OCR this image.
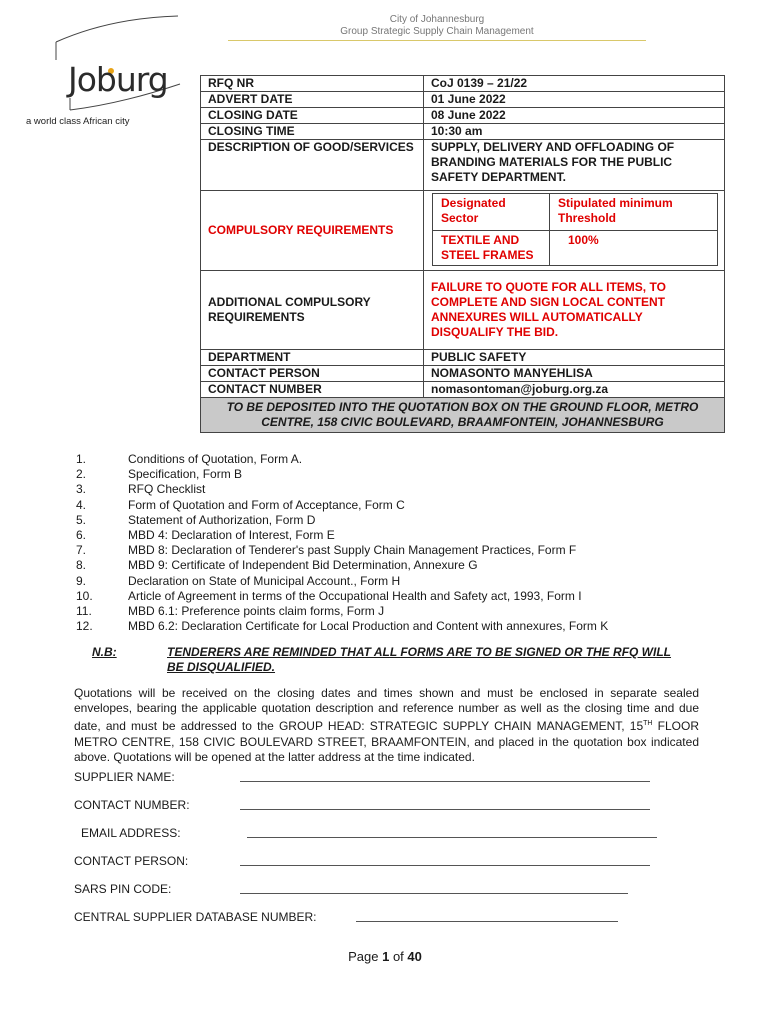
City of Johannesburg
Group Strategic Supply Chain Management
Joburg
a world class African city
RFQ NR	CoJ 0139 – 21/22
ADVERT DATE	01 June 2022
CLOSING DATE	08 June 2022
CLOSING TIME	10:30 am
DESCRIPTION OF GOOD/SERVICES	SUPPLY, DELIVERY AND OFFLOADING OF BRANDING MATERIALS FOR THE PUBLIC SAFETY DEPARTMENT.
COMPULSORY REQUIREMENTS	
Designated Sector	Stipulated minimum Threshold
TEXTILE AND STEEL FRAMES	100%

ADDITIONAL COMPULSORY REQUIREMENTS	FAILURE TO QUOTE FOR ALL ITEMS, TO COMPLETE AND SIGN LOCAL CONTENT ANNEXURES WILL AUTOMATICALLY DISQUALIFY THE BID.
DEPARTMENT	PUBLIC SAFETY
CONTACT PERSON	NOMASONTO MANYEHLISA
CONTACT NUMBER	nomasontoman@joburg.org.za
TO BE DEPOSITED INTO THE QUOTATION BOX ON THE GROUND FLOOR, METRO CENTRE, 158 CIVIC BOULEVARD, BRAAMFONTEIN, JOHANNESBURG
1.	Conditions of Quotation, Form A.
2.	Specification, Form B
3.	RFQ Checklist
4.	Form of Quotation and Form of Acceptance, Form C
5.	Statement of Authorization, Form D
6.	MBD 4: Declaration of Interest, Form E
7.	MBD 8: Declaration of Tenderer's past Supply Chain Management Practices, Form F
8.	MBD 9: Certificate of Independent Bid Determination, Annexure G
9.	Declaration on State of Municipal Account., Form H
10.	Article of Agreement in terms of the Occupational Health and Safety act, 1993, Form I
11.	MBD 6.1: Preference points claim forms, Form J
12.	MBD 6.2: Declaration Certificate for Local Production and Content with annexures, Form K
N.B:	TENDERERS ARE REMINDED THAT ALL FORMS ARE TO BE SIGNED OR THE RFQ WILL BE DISQUALIFIED.
Quotations will be received on the closing dates and times shown and must be enclosed in separate sealed envelopes, bearing the applicable quotation description and reference number as well as the closing time and due date, and must be addressed to the GROUP HEAD: STRATEGIC SUPPLY CHAIN MANAGEMENT, 15TH FLOOR METRO CENTRE, 158 CIVIC BOULEVARD STREET, BRAAMFONTEIN, and placed in the quotation box indicated above. Quotations will be opened at the latter address at the time indicated.
SUPPLIER NAME:
CONTACT NUMBER:
EMAIL ADDRESS:
CONTACT PERSON:
SARS PIN CODE:
CENTRAL SUPPLIER DATABASE NUMBER:
Page 1 of 40
